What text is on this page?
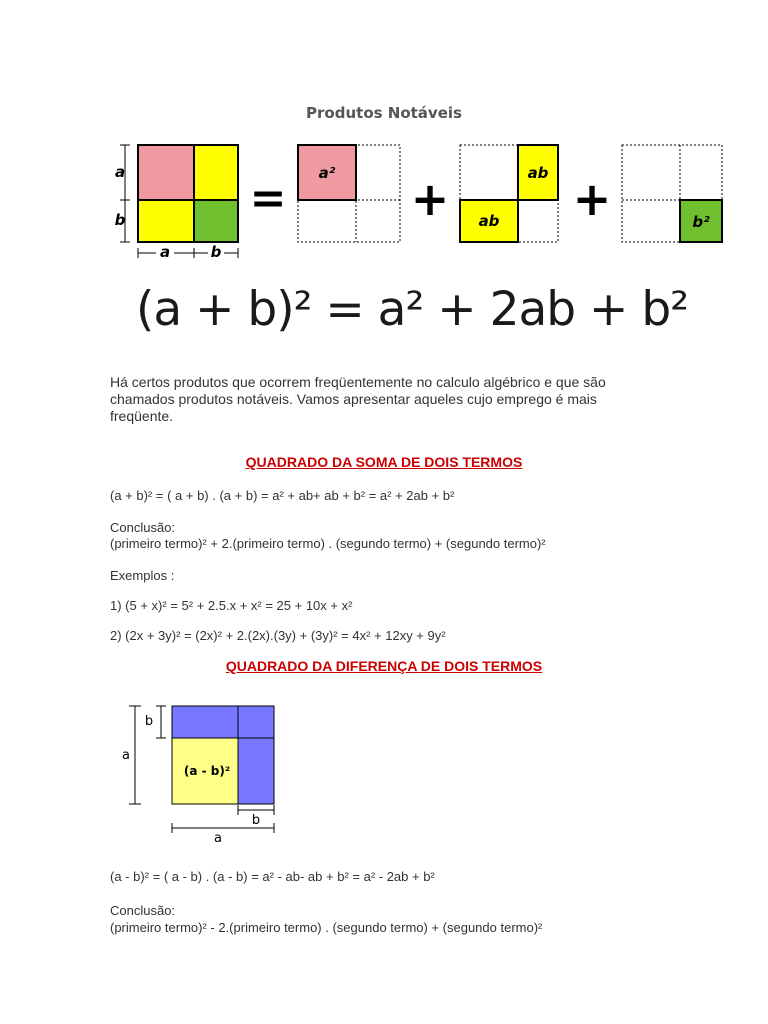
Produtos Notáveis
a
b
a	b
= a² +	ab
ab +	b²
(a + b)² = a² + 2ab + b²
Há certos produtos que ocorrem freqüentemente no calculo algébrico e que são chamados produtos notáveis. Vamos apresentar aqueles cujo emprego é mais freqüente.
QUADRADO DA SOMA DE DOIS TERMOS
(a + b)² = ( a + b) . (a + b) = a² + ab+ ab + b² = a² + 2ab + b²
Conclusão:
(primeiro termo)² + 2.(primeiro termo) . (segundo termo) + (segundo termo)²
Exemplos :
1) (5 + x)² = 5² + 2.5.x + x² = 25 + 10x + x²
2) (2x + 3y)² = (2x)² + 2.(2x).(3y) + (3y)² = 4x² + 12xy + 9y²
QUADRADO DA DIFERENÇA DE DOIS TERMOS
(a - b)²
a
b
b
a
(a - b)² = ( a - b) . (a - b) = a² - ab- ab + b² = a² - 2ab + b²
Conclusão:
(primeiro termo)² - 2.(primeiro termo) . (segundo termo) + (segundo termo)²
